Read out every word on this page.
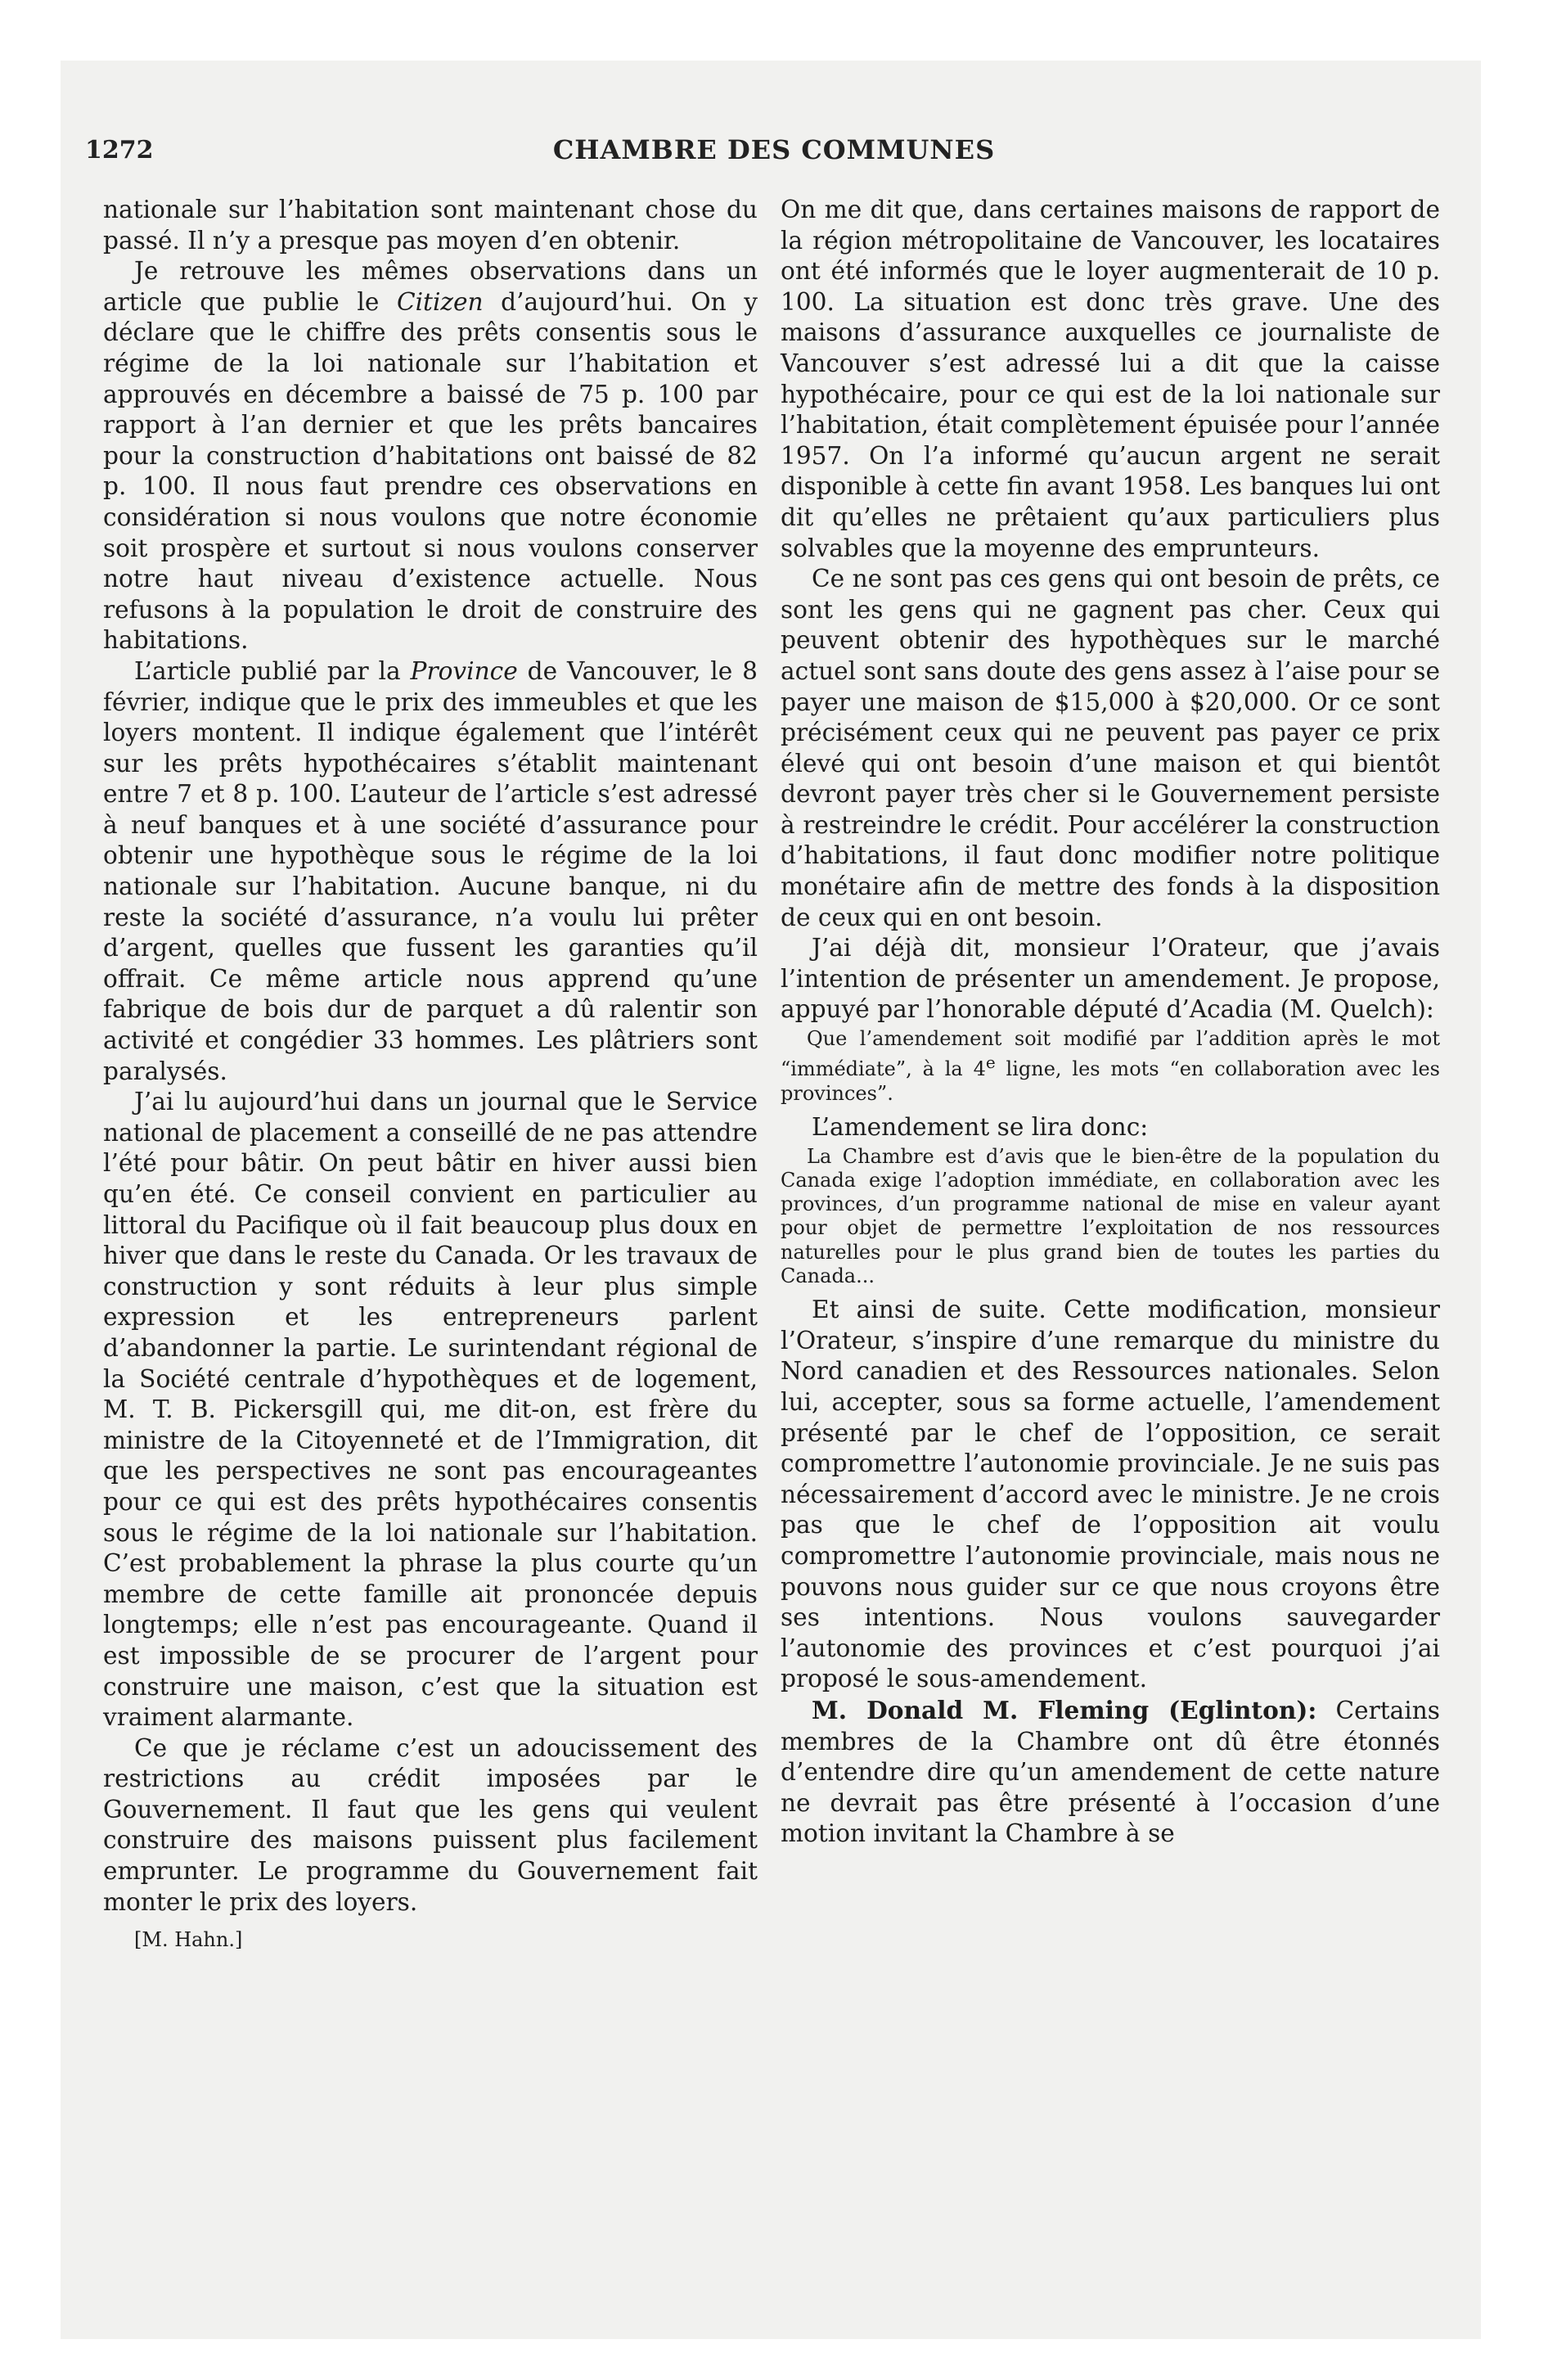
1272	CHAMBRE DES COMMUNES

nationale sur l’habitation sont maintenant chose du passé. Il n’y a presque pas moyen d’en obtenir.

Je retrouve les mêmes observations dans un article que publie le Citizen d’aujourd’hui. On y déclare que le chiffre des prêts consentis sous le régime de la loi nationale sur l’habitation et approuvés en décembre a baissé de 75 p. 100 par rapport à l’an dernier et que les prêts bancaires pour la construction d’habitations ont baissé de 82 p. 100. Il nous faut prendre ces observations en considération si nous voulons que notre économie soit prospère et surtout si nous voulons conserver notre haut niveau d’existence actuelle. Nous refusons à la population le droit de construire des habitations.

L’article publié par la Province de Vancouver, le 8 février, indique que le prix des immeubles et que les loyers montent. Il indique également que l’intérêt sur les prêts hypothécaires s’établit maintenant entre 7 et 8 p. 100. L’auteur de l’article s’est adressé à neuf banques et à une société d’assurance pour obtenir une hypothèque sous le régime de la loi nationale sur l’habitation. Aucune banque, ni du reste la société d’assurance, n’a voulu lui prêter d’argent, quelles que fussent les garanties qu’il offrait. Ce même article nous apprend qu’une fabrique de bois dur de parquet a dû ralentir son activité et congédier 33 hommes. Les plâtriers sont paralysés.

J’ai lu aujourd’hui dans un journal que le Service national de placement a conseillé de ne pas attendre l’été pour bâtir. On peut bâtir en hiver aussi bien qu’en été. Ce conseil convient en particulier au littoral du Pacifique où il fait beaucoup plus doux en hiver que dans le reste du Canada. Or les travaux de construction y sont réduits à leur plus simple expression et les entrepreneurs parlent d’abandonner la partie. Le surintendant régional de la Société centrale d’hypothèques et de logement, M. T. B. Pickersgill qui, me dit-on, est frère du ministre de la Citoyenneté et de l’Immigration, dit que les perspectives ne sont pas encourageantes pour ce qui est des prêts hypothécaires consentis sous le régime de la loi nationale sur l’habitation. C’est probablement la phrase la plus courte qu’un membre de cette famille ait prononcée depuis longtemps; elle n’est pas encourageante. Quand il est impossible de se procurer de l’argent pour construire une maison, c’est que la situation est vraiment alarmante.

Ce que je réclame c’est un adoucissement des restrictions au crédit imposées par le Gouvernement. Il faut que les gens qui veulent construire des maisons puissent plus facilement emprunter. Le programme du Gouvernement fait monter le prix des loyers.

[M. Hahn.]

On me dit que, dans certaines maisons de rapport de la région métropolitaine de Vancouver, les locataires ont été informés que le loyer augmenterait de 10 p. 100. La situation est donc très grave. Une des maisons d’assurance auxquelles ce journaliste de Vancouver s’est adressé lui a dit que la caisse hypothécaire, pour ce qui est de la loi nationale sur l’habitation, était complètement épuisée pour l’année 1957. On l’a informé qu’aucun argent ne serait disponible à cette fin avant 1958. Les banques lui ont dit qu’elles ne prêtaient qu’aux particuliers plus solvables que la moyenne des emprunteurs.

Ce ne sont pas ces gens qui ont besoin de prêts, ce sont les gens qui ne gagnent pas cher. Ceux qui peuvent obtenir des hypothèques sur le marché actuel sont sans doute des gens assez à l’aise pour se payer une maison de $15,000 à $20,000. Or ce sont précisément ceux qui ne peuvent pas payer ce prix élevé qui ont besoin d’une maison et qui bientôt devront payer très cher si le Gouvernement persiste à restreindre le crédit. Pour accélérer la construction d’habitations, il faut donc modifier notre politique monétaire afin de mettre des fonds à la disposition de ceux qui en ont besoin.

J’ai déjà dit, monsieur l’Orateur, que j’avais l’intention de présenter un amendement. Je propose, appuyé par l’honorable député d’Acadia (M. Quelch):

Que l’amendement soit modifié par l’addition après le mot “immédiate”, à la 4e ligne, les mots “en collaboration avec les provinces”.

L’amendement se lira donc:

La Chambre est d’avis que le bien-être de la population du Canada exige l’adoption immédiate, en collaboration avec les provinces, d’un programme national de mise en valeur ayant pour objet de permettre l’exploitation de nos ressources naturelles pour le plus grand bien de toutes les parties du Canada...

Et ainsi de suite. Cette modification, monsieur l’Orateur, s’inspire d’une remarque du ministre du Nord canadien et des Ressources nationales. Selon lui, accepter, sous sa forme actuelle, l’amendement présenté par le chef de l’opposition, ce serait compromettre l’autonomie provinciale. Je ne suis pas nécessairement d’accord avec le ministre. Je ne crois pas que le chef de l’opposition ait voulu compromettre l’autonomie provinciale, mais nous ne pouvons nous guider sur ce que nous croyons être ses intentions. Nous voulons sauvegarder l’autonomie des provinces et c’est pourquoi j’ai proposé le sous-amendement.

M. Donald M. Fleming (Eglinton): Certains membres de la Chambre ont dû être étonnés d’entendre dire qu’un amendement de cette nature ne devrait pas être présenté à l’occasion d’une motion invitant la Chambre à se
